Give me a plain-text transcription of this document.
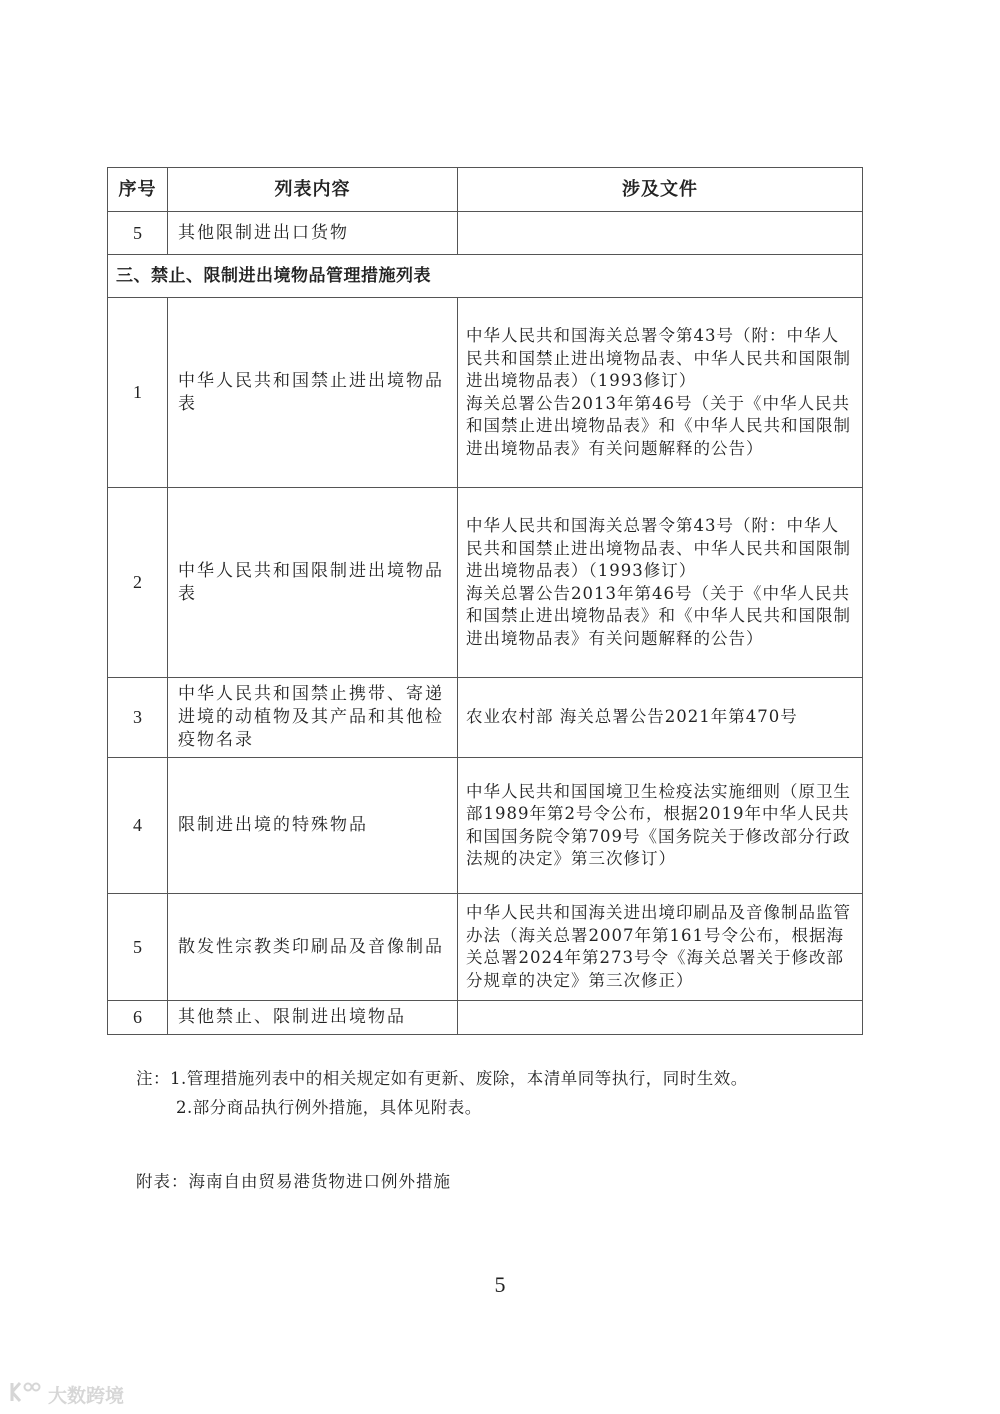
序号	列表内容	涉及文件
5	其他限制进出口货物	
三、禁止、限制进出境物品管理措施列表		
1	中华人民共和国禁止进出境物品表	中华人民共和国海关总署令第43号（附：中华人民共和国禁止进出境物品表、中华人民共和国限制进出境物品表）（1993修订）
海关总署公告2013年第46号（关于《中华人民共和国禁止进出境物品表》和《中华人民共和国限制进出境物品表》有关问题解释的公告）

2	中华人民共和国限制进出境物品表	中华人民共和国海关总署令第43号（附：中华人民共和国禁止进出境物品表、中华人民共和国限制进出境物品表）（1993修订）
海关总署公告2013年第46号（关于《中华人民共和国禁止进出境物品表》和《中华人民共和国限制进出境物品表》有关问题解释的公告）

3	中华人民共和国禁止携带、寄递进境的动植物及其产品和其他检疫物名录	农业农村部 海关总署公告2021年第470号

4	限制进出境的特殊物品	中华人民共和国国境卫生检疫法实施细则（原卫生部1989年第2号令公布，根据2019年中华人民共和国国务院令第709号《国务院关于修改部分行政法规的决定》第三次修订）

5	散发性宗教类印刷品及音像制品	中华人民共和国海关进出境印刷品及音像制品监管办法（海关总署2007年第161号令公布，根据海关总署2024年第273号令《海关总署关于修改部分规章的决定》第三次修正）

6	其他禁止、限制进出境物品	
注：1.管理措施列表中的相关规定如有更新、废除，本清单同等执行，同时生效。
2.部分商品执行例外措施，具体见附表。
附表：海南自由贸易港货物进口例外措施
5
大数跨境
